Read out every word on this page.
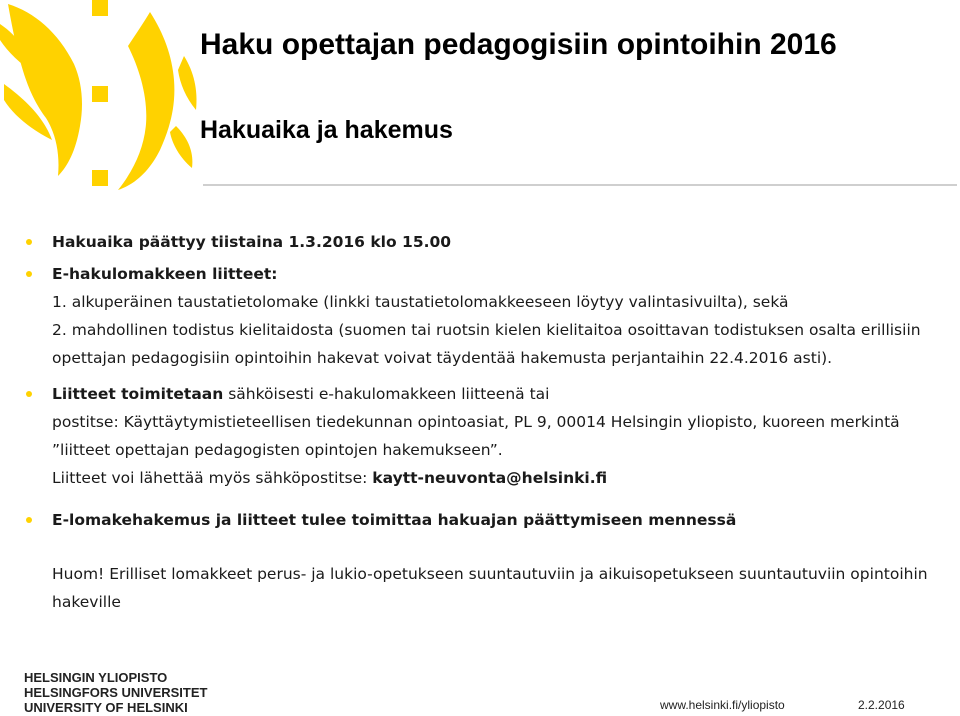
Haku opettajan pedagogisiin opintoihin 2016
Hakuaika ja hakemus

Hakuaika päättyy tiistaina 1.3.2016 klo 15.00

E-hakulomakkeen liitteet:
1. alkuperäinen taustatietolomake (linkki taustatietolomakkeeseen löytyy valintasivuilta), sekä
2. mahdollinen todistus kielitaidosta (suomen tai ruotsin kielen kielitaitoa osoittavan todistuksen osalta erillisiin opettajan pedagogisiin opintoihin hakevat voivat täydentää hakemusta perjantaihin 22.4.2016 asti).
Liitteet toimitetaan sähköisesti e-hakulomakkeen liitteenä tai
postitse: Käyttäytymistieteellisen tiedekunnan opintoasiat, PL 9, 00014 Helsingin yliopisto, kuoreen merkintä ”liitteet opettajan pedagogisten opintojen hakemukseen”.
Liitteet voi lähettää myös sähköpostitse: kaytt-neuvonta@helsinki.fi

E-lomakehakemus ja liitteet tulee toimittaa hakuajan päättymiseen mennessä

Huom! Erilliset lomakkeet perus- ja lukio-opetukseen suuntautuviin ja aikuisopetukseen suuntautuviin opintoihin hakeville

HELSINGIN YLIOPISTO
HELSINGFORS UNIVERSITET
UNIVERSITY OF HELSINKI	www.helsinki.fi/yliopisto	2.2.2016
